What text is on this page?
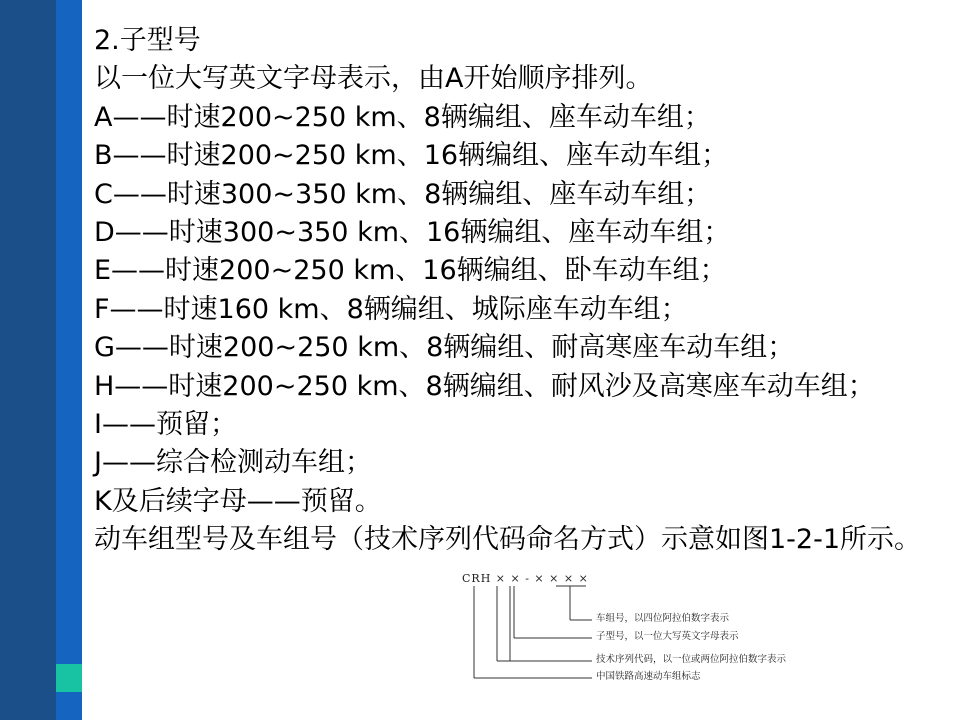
2.子型号
以一位大写英文字母表示，由A开始顺序排列。
A——时速200~250 km、8辆编组、座车动车组；
B——时速200~250 km、16辆编组、座车动车组；
C——时速300~350 km、8辆编组、座车动车组；
D——时速300~350 km、16辆编组、座车动车组；
E——时速200~250 km、16辆编组、卧车动车组；
F——时速160 km、8辆编组、城际座车动车组；
G——时速200~250 km、8辆编组、耐高寒座车动车组；
H——时速200~250 km、8辆编组、耐风沙及高寒座车动车组；
I——预留；
J——综合检测动车组；
K及后续字母——预留。
动车组型号及车组号（技术序列代码命名方式）示意如图1-2-1所示。
CRH × × - × × × ×
车组号，以四位阿拉伯数字表示
子型号，以一位大写英文字母表示
技术序列代码，以一位或两位阿拉伯数字表示
中国铁路高速动车组标志
